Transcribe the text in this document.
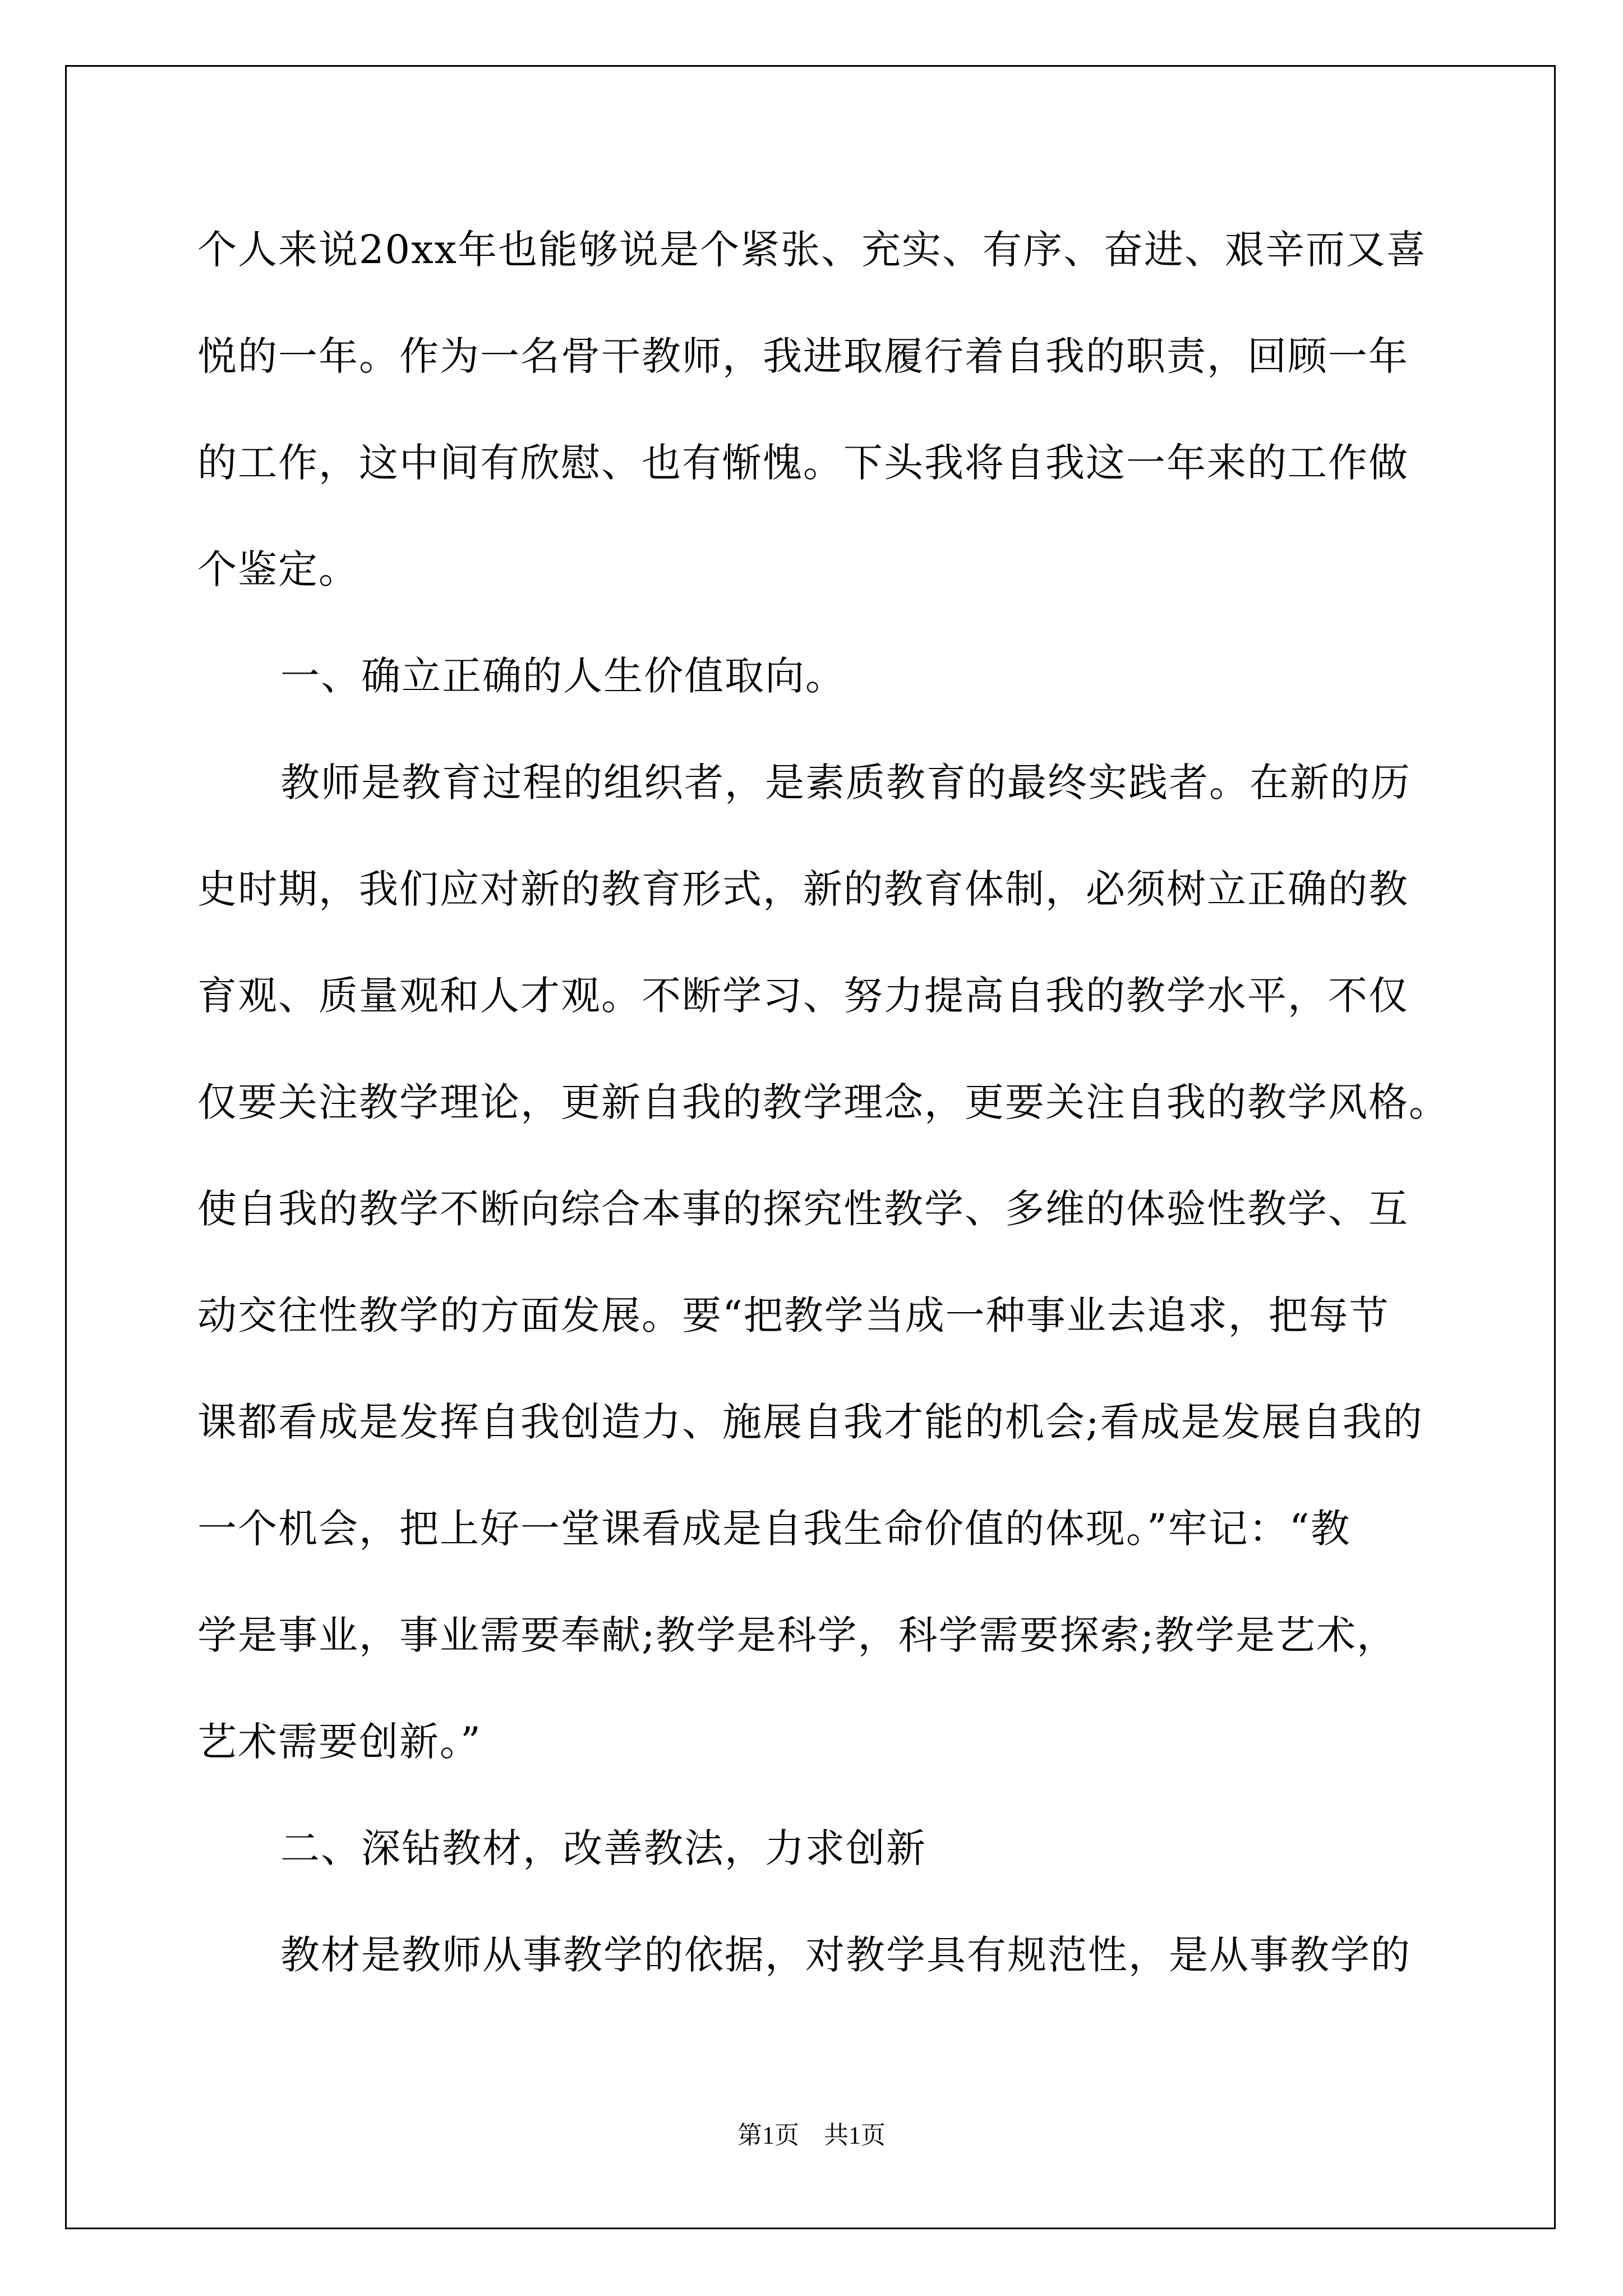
个人来说20xx年也能够说是个紧张、充实、有序、奋进、艰辛而又喜
悦的一年。作为一名骨干教师，我进取履行着自我的职责，回顾一年
的工作，这中间有欣慰、也有惭愧。下头我将自我这一年来的工作做
个鉴定。
一、确立正确的人生价值取向。
教师是教育过程的组织者，是素质教育的最终实践者。在新的历
史时期，我们应对新的教育形式，新的教育体制，必须树立正确的教
育观、质量观和人才观。不断学习、努力提高自我的教学水平，不仅
仅要关注教学理论，更新自我的教学理念，更要关注自我的教学风格。
使自我的教学不断向综合本事的探究性教学、多维的体验性教学、互
动交往性教学的方面发展。要“把教学当成一种事业去追求，把每节
课都看成是发挥自我创造力、施展自我才能的机会;看成是发展自我的
一个机会，把上好一堂课看成是自我生命价值的体现。”牢记：“教
学是事业，事业需要奉献;教学是科学，科学需要探索;教学是艺术，
艺术需要创新。”
二、深钻教材，改善教法，力求创新
教材是教师从事教学的依据，对教学具有规范性，是从事教学的
第1页　共1页
